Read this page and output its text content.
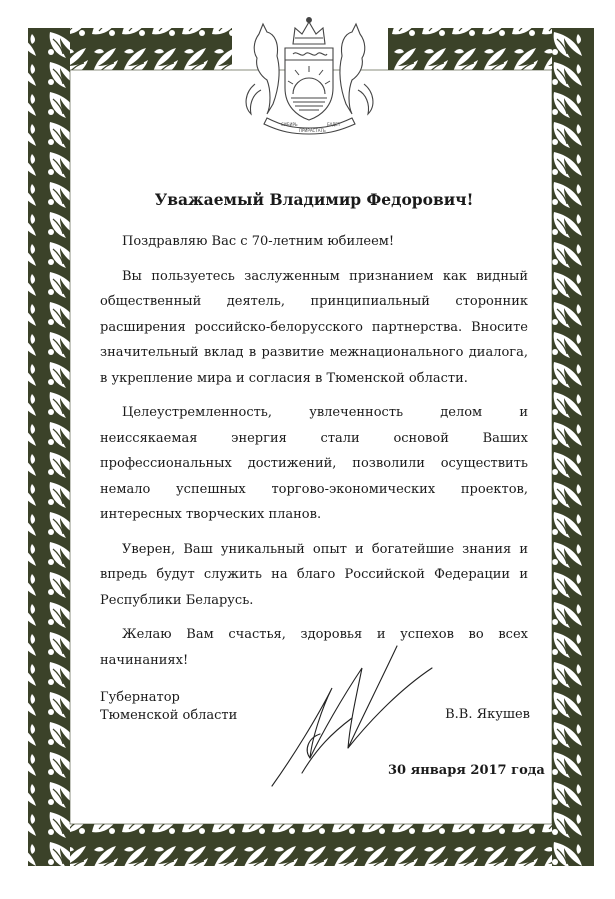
СИБИРЬ
ПРИРАСТАТЬ
БУДЕТ

Уважаемый Владимир Федорович!

Поздравляю Вас с 70-летним юбилеем!

Вы пользуетесь заслуженным признанием как видный общественный деятель, принципиальный сторонник расширения российско-белорусского партнерства. Вносите значительный вклад в развитие межнационального диалога, в укрепление мира и согласия в Тюменской области.

Целеустремленность, увлеченность делом и неиссякаемая энергия стали основой Ваших профессиональных достижений, позволили осуществить немало успешных торгово-экономических проектов, интересных творческих планов.

Уверен, Ваш уникальный опыт и богатейшие знания и впредь будут служить на благо Российской Федерации и Республики Беларусь.

Желаю Вам счастья, здоровья и успехов во всех начинаниях!

Губернатор
Тюменской области	В.В. Якушев
30 января 2017 года
